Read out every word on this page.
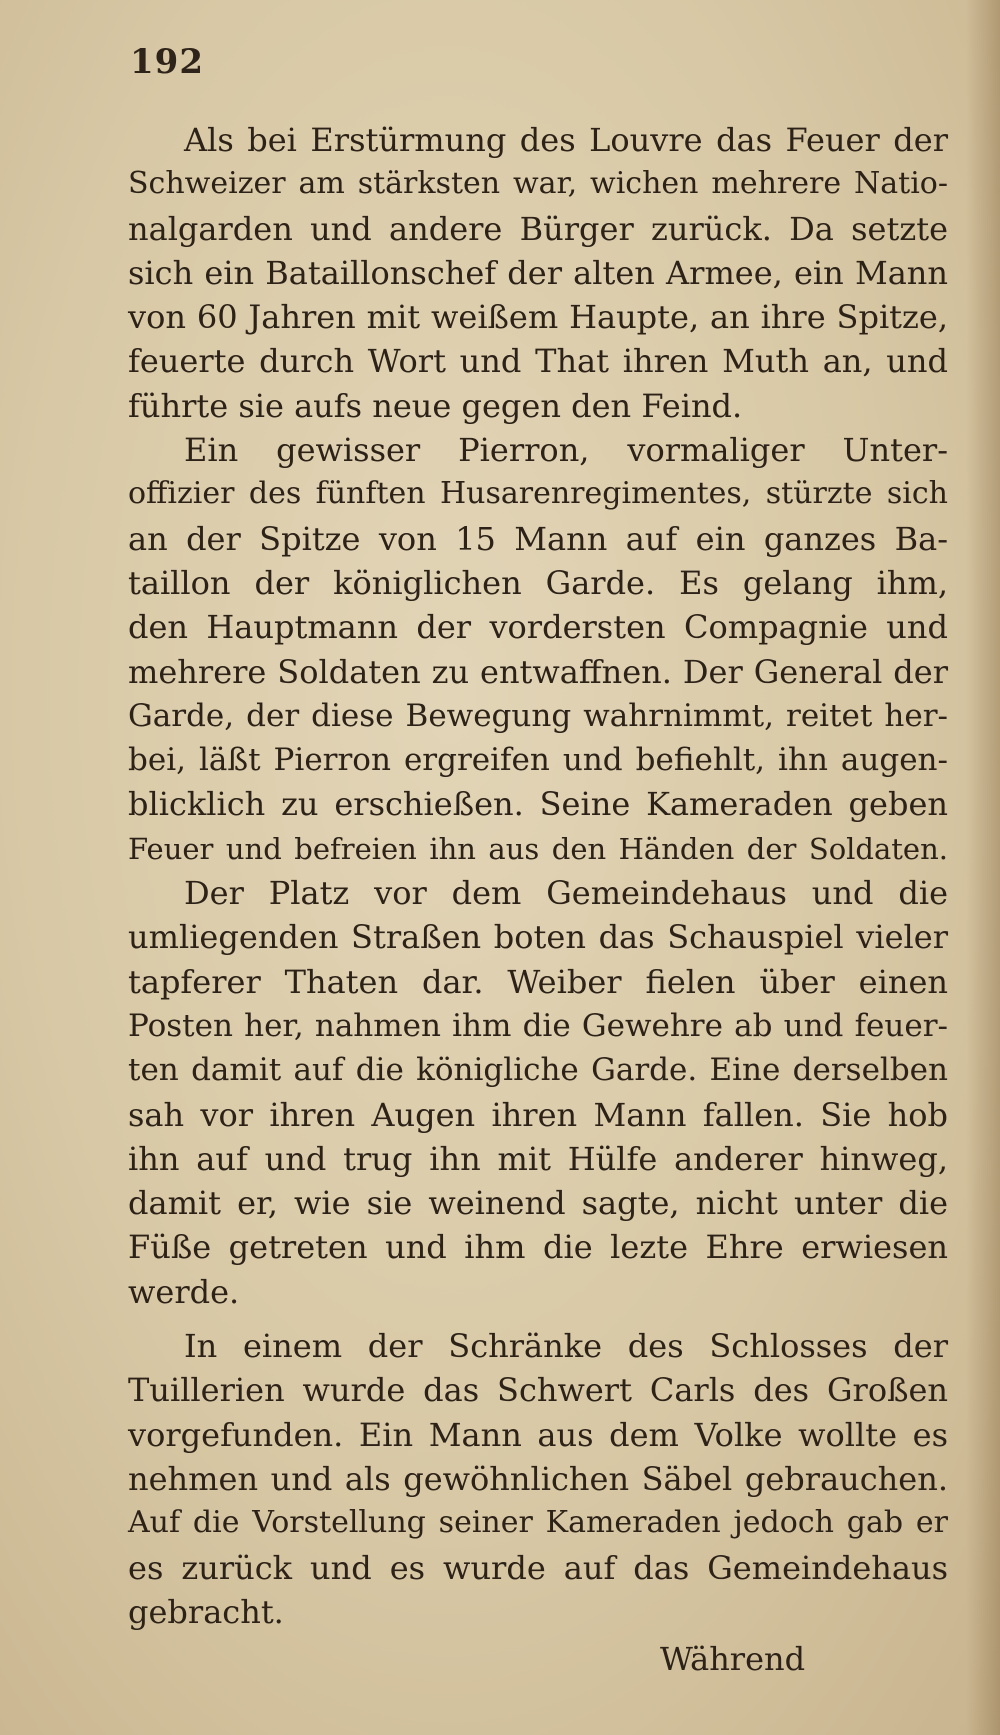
192
Als bei Erstürmung des Louvre das Feuer der
Schweizer am stärksten war, wichen mehrere Natio-
nalgarden und andere Bürger zurück. Da setzte
sich ein Bataillonschef der alten Armee, ein Mann
von 60 Jahren mit weißem Haupte, an ihre Spitze,
feuerte durch Wort und That ihren Muth an, und
führte sie aufs neue gegen den Feind.
Ein gewisser Pierron, vormaliger Unter-
offizier des fünften Husarenregimentes, stürzte sich
an der Spitze von 15 Mann auf ein ganzes Ba-
taillon der königlichen Garde. Es gelang ihm,
den Hauptmann der vordersten Compagnie und
mehrere Soldaten zu entwaffnen. Der General der
Garde, der diese Bewegung wahrnimmt, reitet her-
bei, läßt Pierron ergreifen und befiehlt, ihn augen-
blicklich zu erschießen. Seine Kameraden geben
Feuer und befreien ihn aus den Händen der Soldaten.
Der Platz vor dem Gemeindehaus und die
umliegenden Straßen boten das Schauspiel vieler
tapferer Thaten dar. Weiber fielen über einen
Posten her, nahmen ihm die Gewehre ab und feuer-
ten damit auf die königliche Garde. Eine derselben
sah vor ihren Augen ihren Mann fallen. Sie hob
ihn auf und trug ihn mit Hülfe anderer hinweg,
damit er, wie sie weinend sagte, nicht unter die
Füße getreten und ihm die lezte Ehre erwiesen
werde.
In einem der Schränke des Schlosses der
Tuillerien wurde das Schwert Carls des Großen
vorgefunden. Ein Mann aus dem Volke wollte es
nehmen und als gewöhnlichen Säbel gebrauchen.
Auf die Vorstellung seiner Kameraden jedoch gab er
es zurück und es wurde auf das Gemeindehaus
gebracht.
Während
